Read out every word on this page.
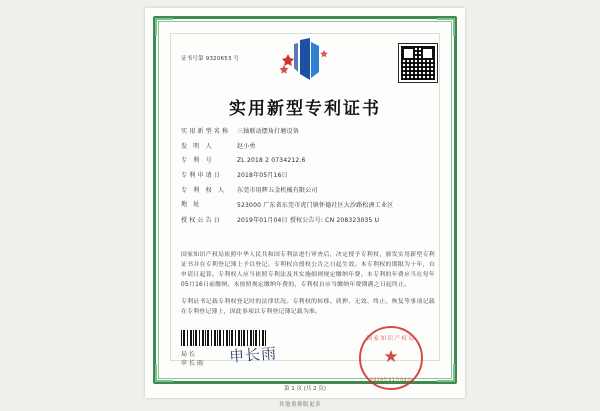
证书号第 9320653 号
实用新型专利证书
实用新型名称	三轴联动摆角打磨设备
发 明 人	赵小勇
专 利 号	ZL 2018 2 0734212.6
专利申请日	2018年05月16日
专 利 权 人	东莞市用辉五金机械有限公司
地 址	523000 广东省东莞市虎门镇怀德社区大沙路松洲工业区
授权公告日	2019年01月04日 授权公告号: CN 208323035 U

国家知识产权局依照中华人民共和国专利法进行审查后，决定授予专利权，颁发实用新型专利证书并在专利登记簿上予以登记。专利权自授权公告之日起生效。本专利权的期限为十年，自申请日起算。专利权人应当依照专利法及其实施细则规定缴纳年费。本专利的年费应当在每年05月16日前缴纳。未按照规定缴纳年费的，专利权自应当缴纳年费期满之日起终止。

专利证书记载专利权登记时的法律状况。专利权的转移、质押、无效、终止、恢复等事项记载在专利登记簿上，因此事项以专利登记簿记载为准。

局长
申长雨 申长雨
国家知识产权局
★
2019年01月04日
第 1 页 (共 2 页)
其他重排版更多
